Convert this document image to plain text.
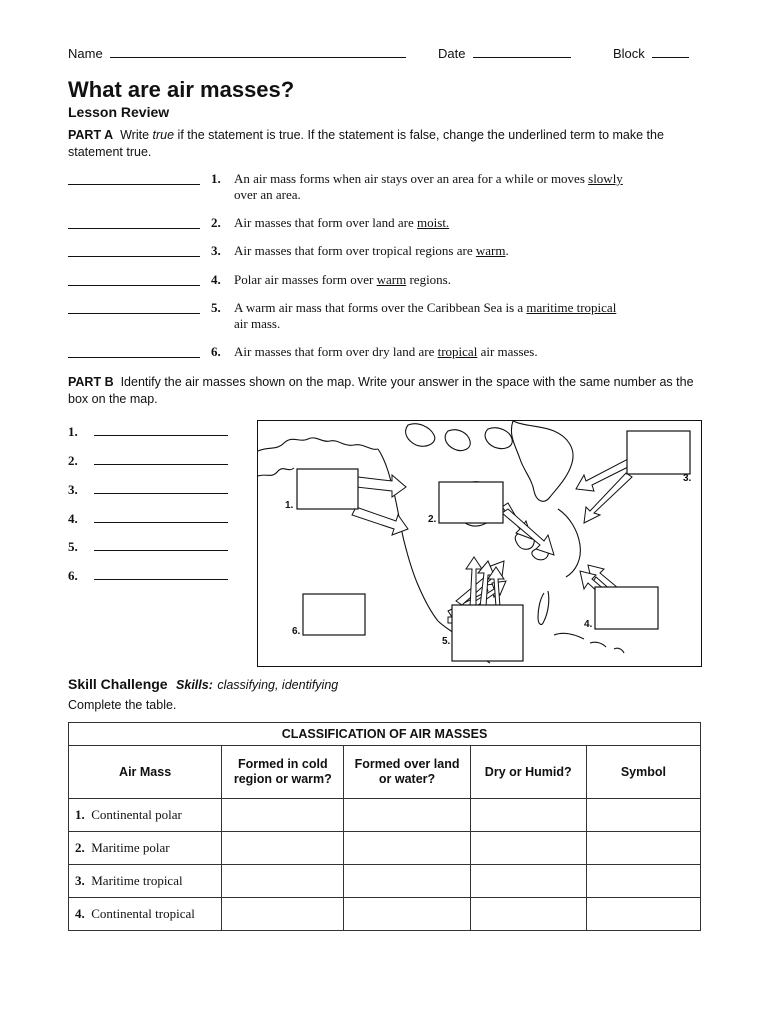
Name	Date	Block
What are air masses?
Lesson Review
PART A Write true if the statement is true. If the statement is false, change the underlined term to make the statement true.
1. An air mass forms when air stays over an area for a while or moves slowly
over an area.
2. Air masses that form over land are moist.
3. Air masses that form over tropical regions are warm.
4. Polar air masses form over warm regions.
5. A warm air mass that forms over the Caribbean Sea is a maritime tropical
air mass.
6. Air masses that form over dry land are tropical air masses.
PART B Identify the air masses shown on the map. Write your answer in the space with the same number as the box on the map.
1.
2.
3.
4.
5.
6.
1.
2.
3.
4.
5.
6.
Skill Challenge Skills: classifying, identifying
Complete the table.
CLASSIFICATION OF AIR MASSES				
Air Mass	Formed in cold region or warm?	Formed over land or water?	Dry or Humid?	Symbol
1. Continental polar				
2. Maritime polar				
3. Maritime tropical				
4. Continental tropical				
